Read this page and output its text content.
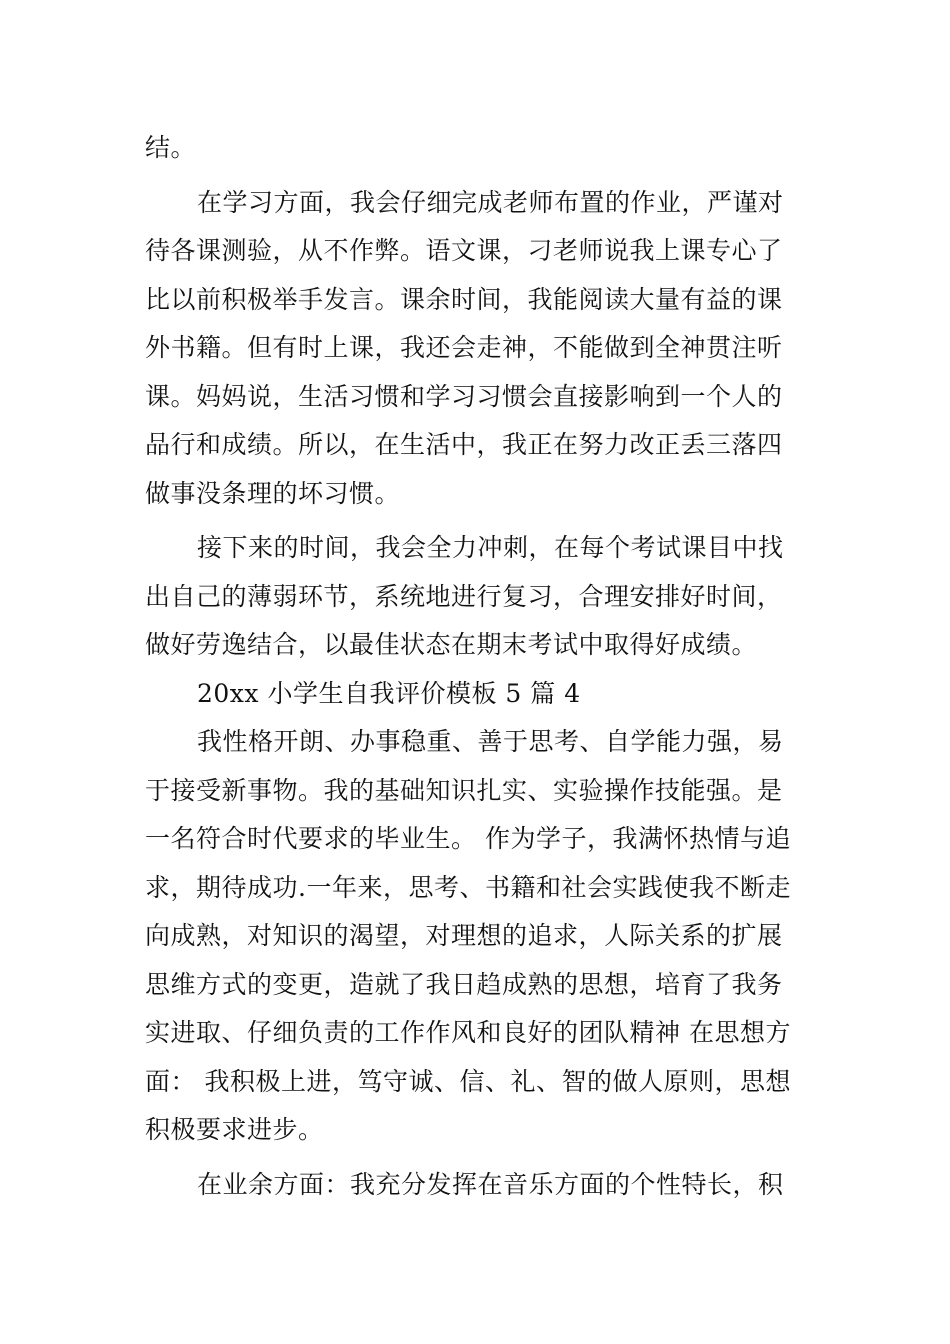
结。
在学习方面，我会仔细完成老师布置的作业，严谨对
待各课测验，从不作弊。语文课，刁老师说我上课专心了
比以前积极举手发言。课余时间，我能阅读大量有益的课
外书籍。但有时上课，我还会走神，不能做到全神贯注听
课。妈妈说，生活习惯和学习习惯会直接影响到一个人的
品行和成绩。所以，在生活中，我正在努力改正丢三落四
做事没条理的坏习惯。
接下来的时间，我会全力冲刺，在每个考试课目中找
出自己的薄弱环节，系统地进行复习，合理安排好时间，
做好劳逸结合，以最佳状态在期末考试中取得好成绩。
20xx 小学生自我评价模板 5 篇 4
我性格开朗、办事稳重、善于思考、自学能力强，易
于接受新事物。我的基础知识扎实、实验操作技能强。是
一名符合时代要求的毕业生。 作为学子，我满怀热情与追
求，期待成功.一年来，思考、书籍和社会实践使我不断走
向成熟，对知识的渴望，对理想的追求，人际关系的扩展
思维方式的变更，造就了我日趋成熟的思想，培育了我务
实进取、仔细负责的工作作风和良好的团队精神 在思想方
面： 我积极上进，笃守诚、信、礼、智的做人原则，思想
积极要求进步。
在业余方面：我充分发挥在音乐方面的个性特长，积
